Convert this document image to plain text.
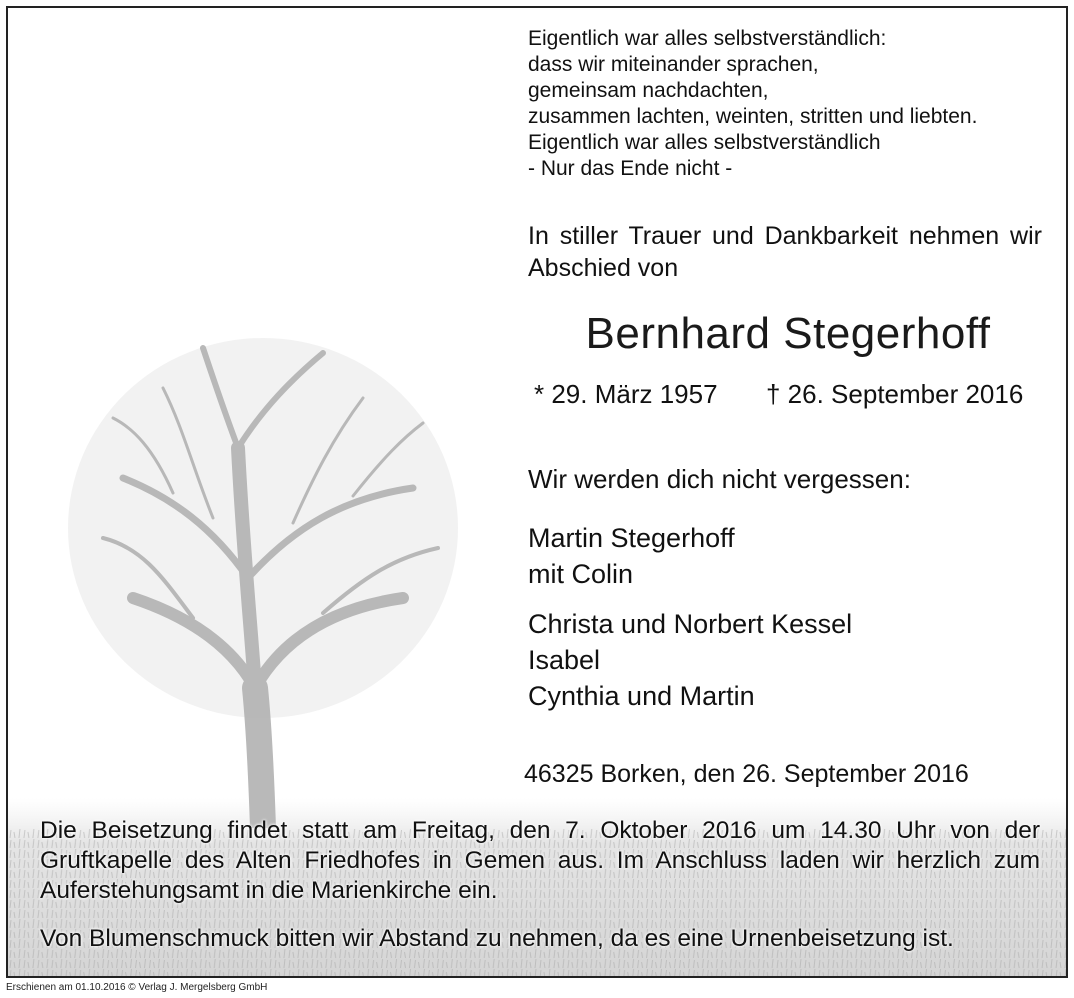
Eigentlich war alles selbstverständlich:
dass wir miteinander sprachen,
gemeinsam nachdachten,
zusammen lachten, weinten, stritten und liebten.
Eigentlich war alles selbstverständlich
- Nur das Ende nicht -
In stiller Trauer und Dankbarkeit nehmen wir Abschied von
Bernhard Stegerhoff
* 29. März 1957 † 26. September 2016
Wir werden dich nicht vergessen:
Martin Stegerhoff
mit Colin
Christa und Norbert Kessel
Isabel
Cynthia und Martin
46325 Borken, den 26. September 2016
Die Beisetzung findet statt am Freitag, den 7. Oktober 2016 um 14.30 Uhr von der Gruftkapelle des Alten Friedhofes in Gemen aus. Im Anschluss laden wir herzlich zum Auferstehungsamt in die Marienkirche ein.
Von Blumenschmuck bitten wir Abstand zu nehmen, da es eine Urnenbeisetzung ist.
Erschienen am 01.10.2016 © Verlag J. Mergelsberg GmbH
